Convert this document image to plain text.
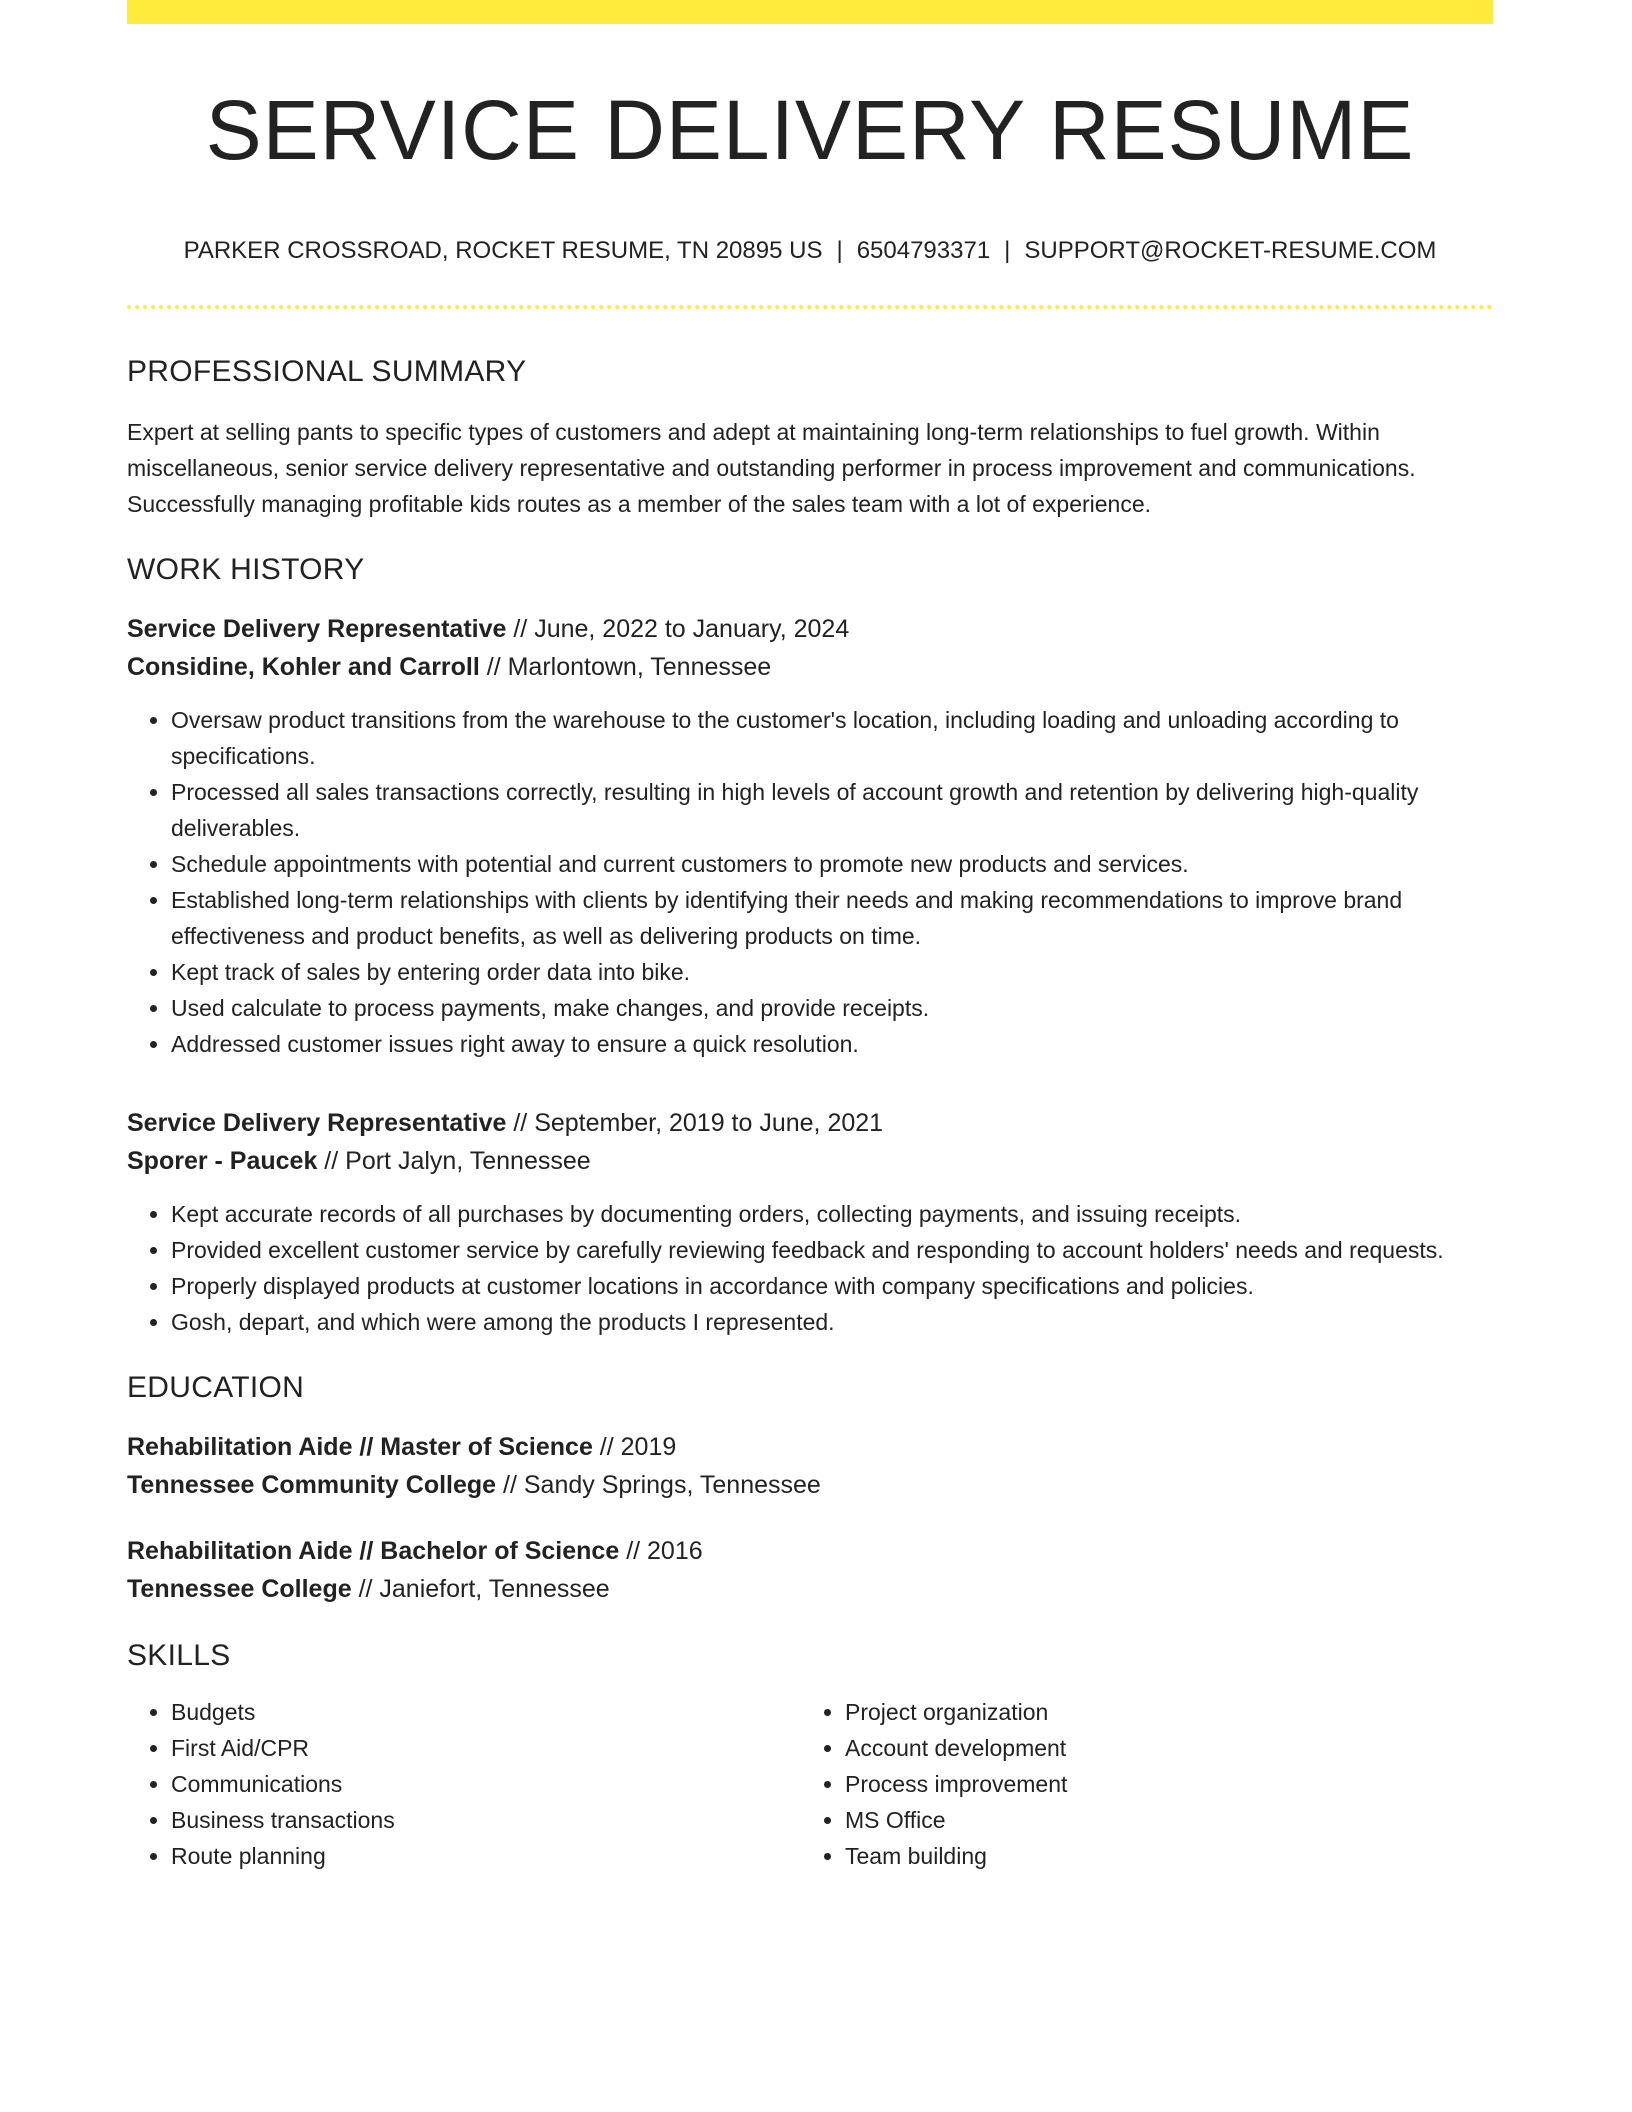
SERVICE DELIVERY RESUME
PARKER CROSSROAD, ROCKET RESUME, TN 20895 US | 6504793371 | SUPPORT@ROCKET-RESUME.COM
PROFESSIONAL SUMMARY

Expert at selling pants to specific types of customers and adept at maintaining long-term relationships to fuel growth. Within miscellaneous, senior service delivery representative and outstanding performer in process improvement and communications. Successfully managing profitable kids routes as a member of the sales team with a lot of experience.

WORK HISTORY

Service Delivery Representative // June, 2022 to January, 2024

Considine, Kohler and Carroll // Marlontown, Tennessee

• Oversaw product transitions from the warehouse to the customer's location, including loading and unloading according to specifications.
• Processed all sales transactions correctly, resulting in high levels of account growth and retention by delivering high-quality deliverables.
• Schedule appointments with potential and current customers to promote new products and services.
• Established long-term relationships with clients by identifying their needs and making recommendations to improve brand effectiveness and product benefits, as well as delivering products on time.
• Kept track of sales by entering order data into bike.
• Used calculate to process payments, make changes, and provide receipts.
• Addressed customer issues right away to ensure a quick resolution.

Service Delivery Representative // September, 2019 to June, 2021

Sporer - Paucek // Port Jalyn, Tennessee

• Kept accurate records of all purchases by documenting orders, collecting payments, and issuing receipts.
• Provided excellent customer service by carefully reviewing feedback and responding to account holders' needs and requests.
• Properly displayed products at customer locations in accordance with company specifications and policies.
• Gosh, depart, and which were among the products I represented.
EDUCATION

Rehabilitation Aide // Master of Science // 2019

Tennessee Community College // Sandy Springs, Tennessee

Rehabilitation Aide // Bachelor of Science // 2016

Tennessee College // Janiefort, Tennessee

SKILLS
• Budgets
• First Aid/CPR
• Communications
• Business transactions
• Route planning
• Project organization
• Account development
• Process improvement
• MS Office
• Team building
